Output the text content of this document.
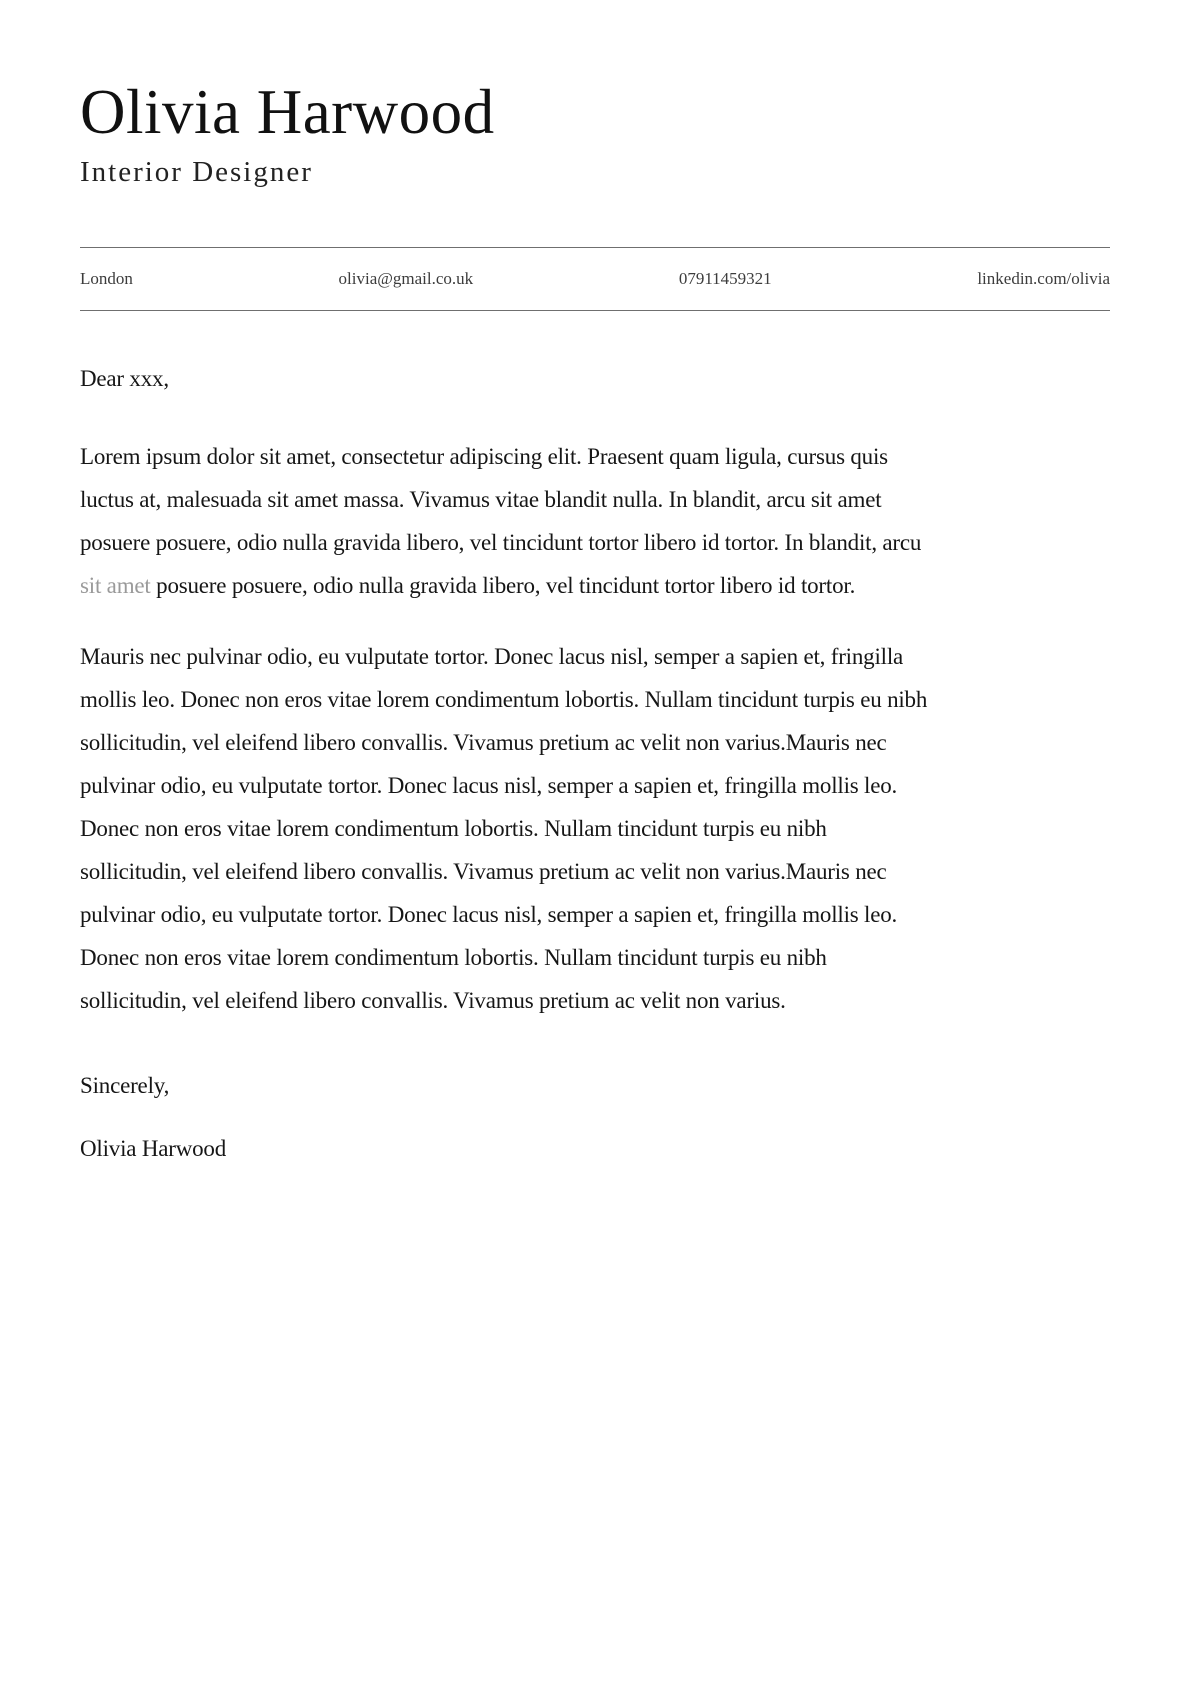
Olivia Harwood
Interior Designer
London	olivia@gmail.co.uk	07911459321	linkedin.com/olivia
Dear xxx,
Lorem ipsum dolor sit amet, consectetur adipiscing elit. Praesent quam ligula, cursus quis
luctus at, malesuada sit amet massa. Vivamus vitae blandit nulla. In blandit, arcu sit amet
posuere posuere, odio nulla gravida libero, vel tincidunt tortor libero id tortor. In blandit, arcu
sit amet posuere posuere, odio nulla gravida libero, vel tincidunt tortor libero id tortor.
Mauris nec pulvinar odio, eu vulputate tortor. Donec lacus nisl, semper a sapien et, fringilla
mollis leo. Donec non eros vitae lorem condimentum lobortis. Nullam tincidunt turpis eu nibh
sollicitudin, vel eleifend libero convallis. Vivamus pretium ac velit non varius.Mauris nec
pulvinar odio, eu vulputate tortor. Donec lacus nisl, semper a sapien et, fringilla mollis leo.
Donec non eros vitae lorem condimentum lobortis. Nullam tincidunt turpis eu nibh
sollicitudin, vel eleifend libero convallis. Vivamus pretium ac velit non varius.Mauris nec
pulvinar odio, eu vulputate tortor. Donec lacus nisl, semper a sapien et, fringilla mollis leo.
Donec non eros vitae lorem condimentum lobortis. Nullam tincidunt turpis eu nibh
sollicitudin, vel eleifend libero convallis. Vivamus pretium ac velit non varius.
Sincerely,
Olivia Harwood
